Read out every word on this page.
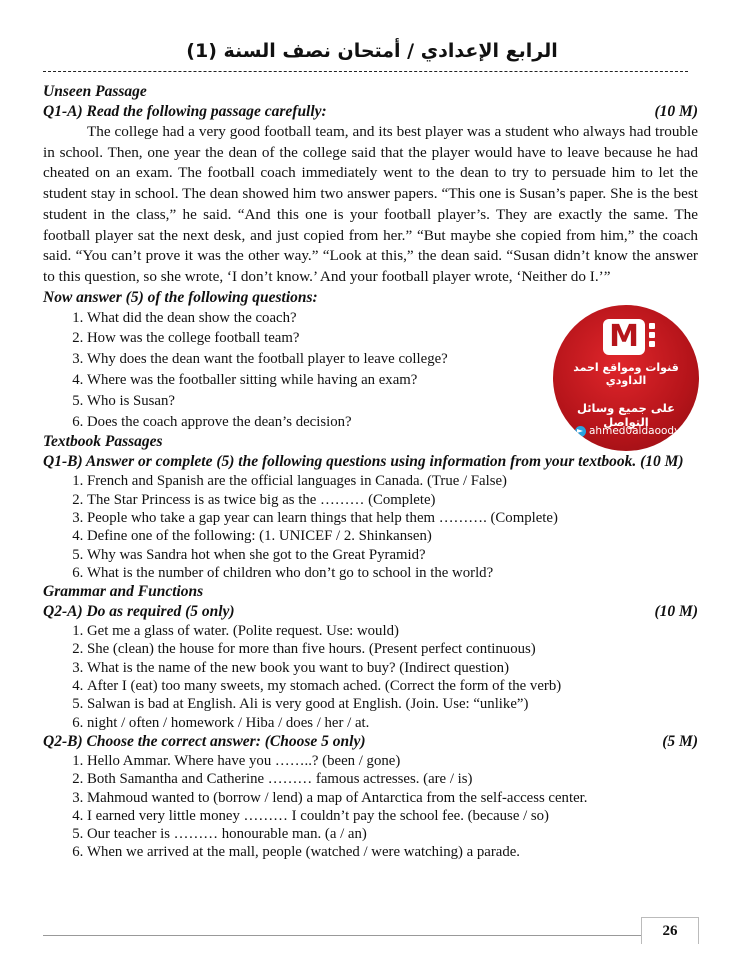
الرابع الإعدادي / أمتحان نصف السنة (1)

Unseen Passage

Q1-A) Read the following passage carefully:	(10 M)

The college had a very good football team, and its best player was a student who always had trouble in school. Then, one year the dean of the college said that the player would have to leave because he had cheated on an exam. The football coach immediately went to the dean to try to persuade him to let the student stay in school. The dean showed him two answer papers. “This one is Susan’s paper. She is the best student in the class,” he said. “And this one is your football player’s. They are exactly the same. The football player sat the next desk, and just copied from her.” “But maybe she copied from him,” the coach said. “You can’t prove it was the other way.” “Look at this,” the dean said. “Susan didn’t know the answer to this question, so she wrote, ‘I don’t know.’ And your football player wrote, ‘Neither do I.’”

Now answer (5) of the following questions:

1. What did the dean show the coach?
2. How was the college football team?
3. Why does the dean want the football player to leave college?
4. Where was the footballer sitting while having an exam?
5. Who is Susan?
6. Does the coach approve the dean’s decision?

Textbook Passages

Q1-B) Answer or complete (5) the following questions using information from your textbook. (10 M)

1. French and Spanish are the official languages in Canada. (True / False)
2. The Star Princess is as twice big as the ……… (Complete)
3. People who take a gap year can learn things that help them ………. (Complete)
4. Define one of the following: (1. UNICEF / 2. Shinkansen)
5. Why was Sandra hot when she got to the Great Pyramid?
6. What is the number of children who don’t go to school in the world?

Grammar and Functions

Q2-A) Do as required (5 only)	(10 M)
1. Get me a glass of water. (Polite request. Use: would)
2. She (clean) the house for more than five hours. (Present perfect continuous)
3. What is the name of the new book you want to buy? (Indirect question)
4. After I (eat) too many sweets, my stomach ached. (Correct the form of the verb)
5. Salwan is bad at English. Ali is very good at English. (Join. Use: “unlike”)
6. night / often / homework / Hiba / does / her / at.
Q2-B) Choose the correct answer: (Choose 5 only)	(5 M)
1. Hello Ammar. Where have you ……..? (been / gone)
2. Both Samantha and Catherine ……… famous actresses. (are / is)
3. Mahmoud wanted to (borrow / lend) a map of Antarctica from the self-access center.
4. I earned very little money ……… I couldn’t pay the school fee. (because / so)
5. Our teacher is ……… honourable man. (a / an)
6. When we arrived at the mall, people (watched / were watching) a parade.
M
قنوات ومواقع احمد الداودي
على جميع وسائل التواصل
ahmed0aldaoody
26
